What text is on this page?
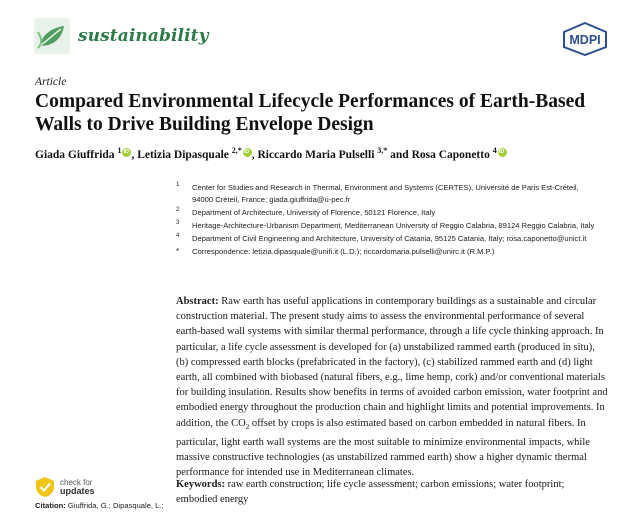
sustainability	MDPI
Article
Compared Environmental Lifecycle Performances of Earth-Based Walls to Drive Building Envelope Design
Giada Giuffrida $^1$ iD , Letizia Dipasquale $^{2,*}$ iD , Riccardo Maria Pulselli $^{3,*}$ and Rosa Caponetto $^4$iD
1 Center for Studies and Research in Thermal, Environment and Systems (CERTES), Université de Paris Est-Créteil, 94000 Créteil, France; giada.giuffrida@u-pec.fr
2 Department of Architecture, University of Florence, 50121 Florence, Italy
3 Heritage-Architecture-Urbanism Department, Mediterranean University of Reggio Calabria, 89124 Reggio Calabria, Italy
4 Department of Civil Engineering and Architecture, University of Catania, 95125 Catania, Italy; rosa.caponetto@unict.it
* Correspondence: letizia.dipasquale@unifi.it (L.D.); riccardomaria.pulselli@unirc.it (R.M.P.)

Abstract: Raw earth has useful applications in contemporary buildings as a sustainable and circular construction material. The present study aims to assess the environmental performance of several earth-based wall systems with similar thermal performance, through a life cycle thinking approach. In particular, a life cycle assessment is developed for (a) unstabilized rammed earth (produced in situ), (b) compressed earth blocks (prefabricated in the factory), (c) stabilized rammed earth and (d) light earth, all combined with biobased (natural fibers, e.g., lime hemp, cork) and/or conventional materials for building insulation. Results show benefits in terms of avoided carbon emission, water footprint and embodied energy throughout the production chain and highlight limits and potential improvements. In addition, the $CO_2$ offset by crops is also estimated based on carbon embedded in natural fibers. In particular, light earth wall systems are the most suitable to minimize environmental impacts, while massive constructive technologies (as unstabilized rammed earth) show a higher dynamic thermal performance for intended use in Mediterranean climates.

Keywords: raw earth construction; life cycle assessment; carbon emissions; water footprint; embodied energy

check for
updates
Citation: Giuffrida, G.; Dipasquale, L.;
